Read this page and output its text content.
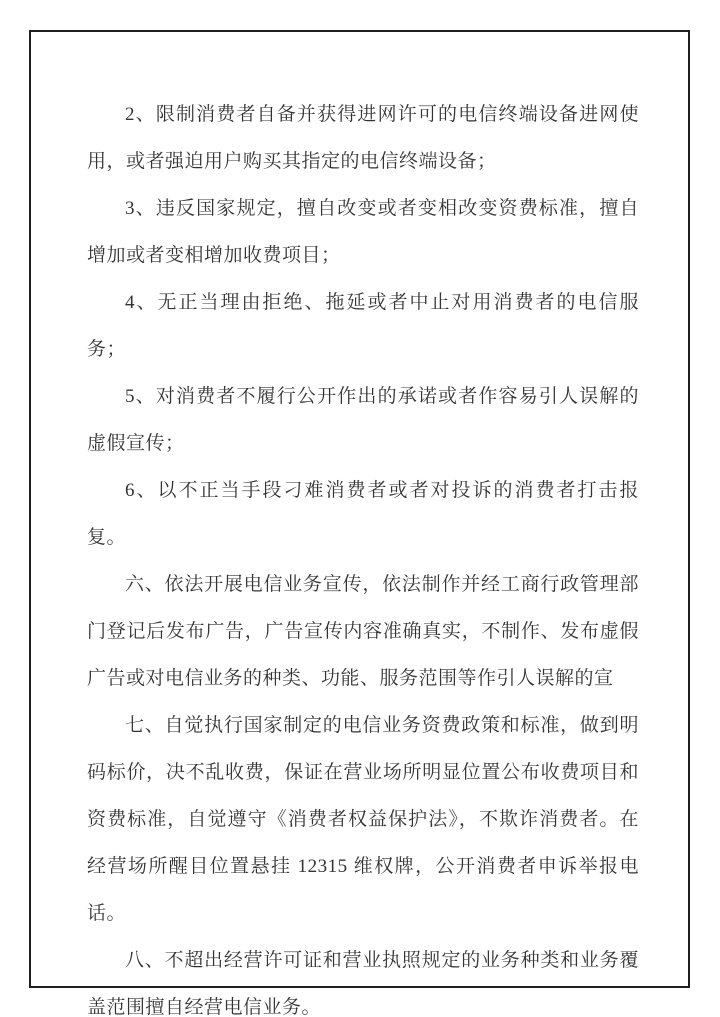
2、限制消费者自备并获得进网许可的电信终端设备进网使用，或者强迫用户购买其指定的电信终端设备；

3、违反国家规定，擅自改变或者变相改变资费标准，擅自增加或者变相增加收费项目；

4、无正当理由拒绝、拖延或者中止对用消费者的电信服务；

5、对消费者不履行公开作出的承诺或者作容易引人误解的虚假宣传；

6、以不正当手段刁难消费者或者对投诉的消费者打击报复。

六、依法开展电信业务宣传，依法制作并经工商行政管理部门登记后发布广告，广告宣传内容准确真实，不制作、发布虚假广告或对电信业务的种类、功能、服务范围等作引人误解的宣

七、自觉执行国家制定的电信业务资费政策和标准，做到明码标价，决不乱收费，保证在营业场所明显位置公布收费项目和资费标准，自觉遵守《消费者权益保护法》，不欺诈消费者。在经营场所醒目位置悬挂 12315 维权牌，公开消费者申诉举报电话。

八、不超出经营许可证和营业执照规定的业务种类和业务覆盖范围擅自经营电信业务。
